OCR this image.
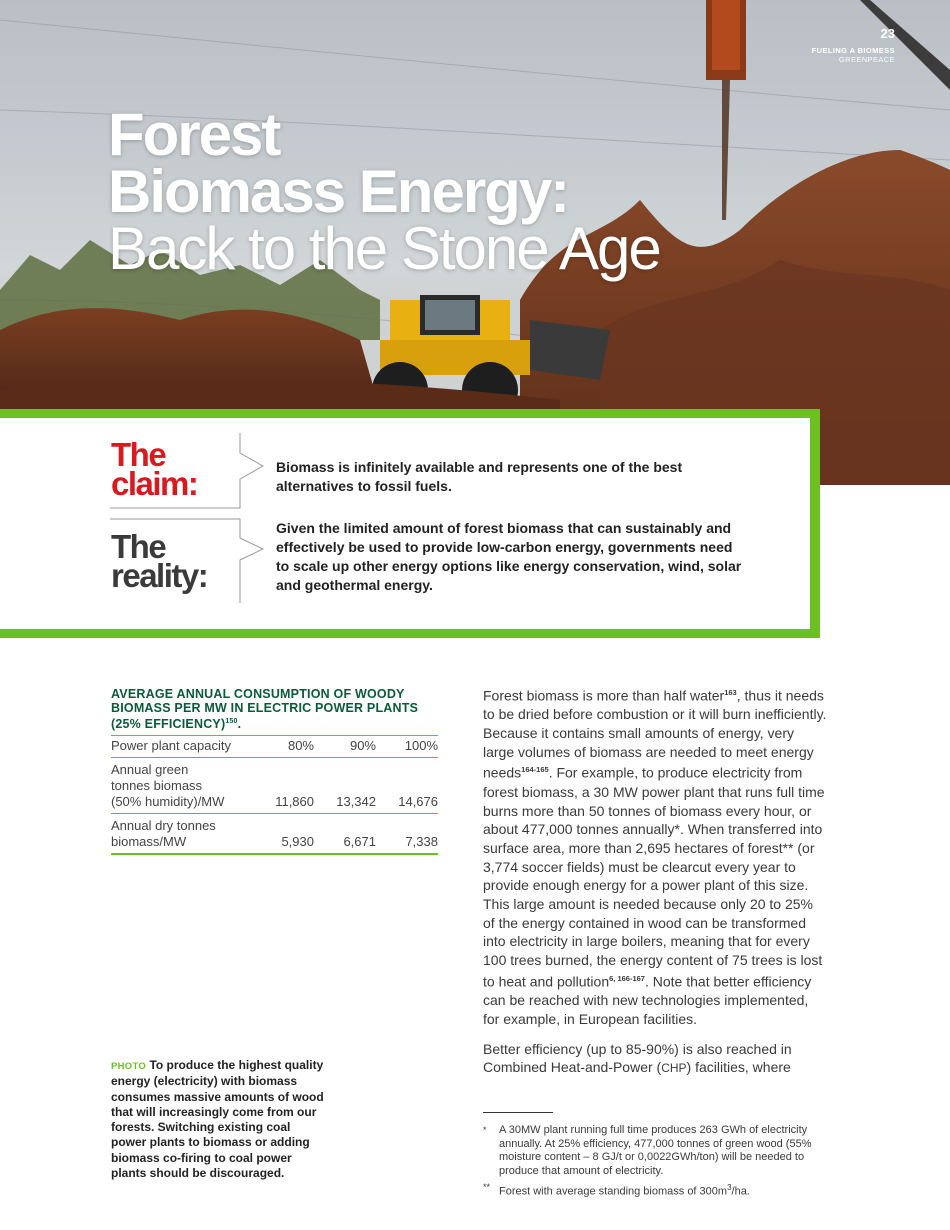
23
FUELING A BIOMESS
GREENPEACE
Forest
Biomass Energy:
Back to the Stone Age
The
claim:	Biomass is infinitely available and represents one of the best alternatives to fossil fuels.
The
reality:
Given the limited amount of forest biomass that can sustainably and effectively be used to provide low-carbon energy, governments need to scale up other energy options like energy conservation, wind, solar and geothermal energy.
AVERAGE ANNUAL CONSUMPTION OF WOODY BIOMASS PER MW IN ELECTRIC POWER PLANTS (25% EFFICIENCY)$^{150}$.
Power plant capacity	80%	90%	100%
Annual green
tonnes biomass
(50% humidity)/MW	11,860	13,342	14,676
Annual dry tonnes
biomass/MW	5,930	6,671	7,338

Forest biomass is more than half water$^{163}$, thus it needs to be dried before combustion or it will burn inefficiently. Because it contains small amounts of energy, very large volumes of biomass are needed to meet energy needs$^{164-165}$. For example, to produce electricity from forest biomass, a 30 MW power plant that runs full time burns more than 50 tonnes of biomass every hour, or about 477,000 tonnes annually*. When transferred into surface area, more than 2,695 hectares of forest** (or 3,774 soccer fields) must be clearcut every year to provide enough energy for a power plant of this size. This large amount is needed because only 20 to 25% of the energy contained in wood can be transformed into electricity in large boilers, meaning that for every 100 trees burned, the energy content of 75 trees is lost to heat and pollution$^{6, 166-167}$. Note that better efficiency can be reached with new technologies implemented, for example, in European facilities.

Better efficiency (up to 85-90%) is also reached in Combined Heat-and-Power (CHP) facilities, where

* A 30MW plant running full time produces 263 GWh of electricity annually. At 25% efficiency, 477,000 tonnes of green wood (55% moisture content – 8 GJ/t or 0,0022GWh/ton) will be needed to produce that amount of electricity.
** Forest with average standing biomass of $300m^3/ha$.
PHOTO To produce the highest quality energy (electricity) with biomass consumes massive amounts of wood that will increasingly come from our forests. Switching existing coal power plants to biomass or adding biomass co-firing to coal power plants should be discouraged.
